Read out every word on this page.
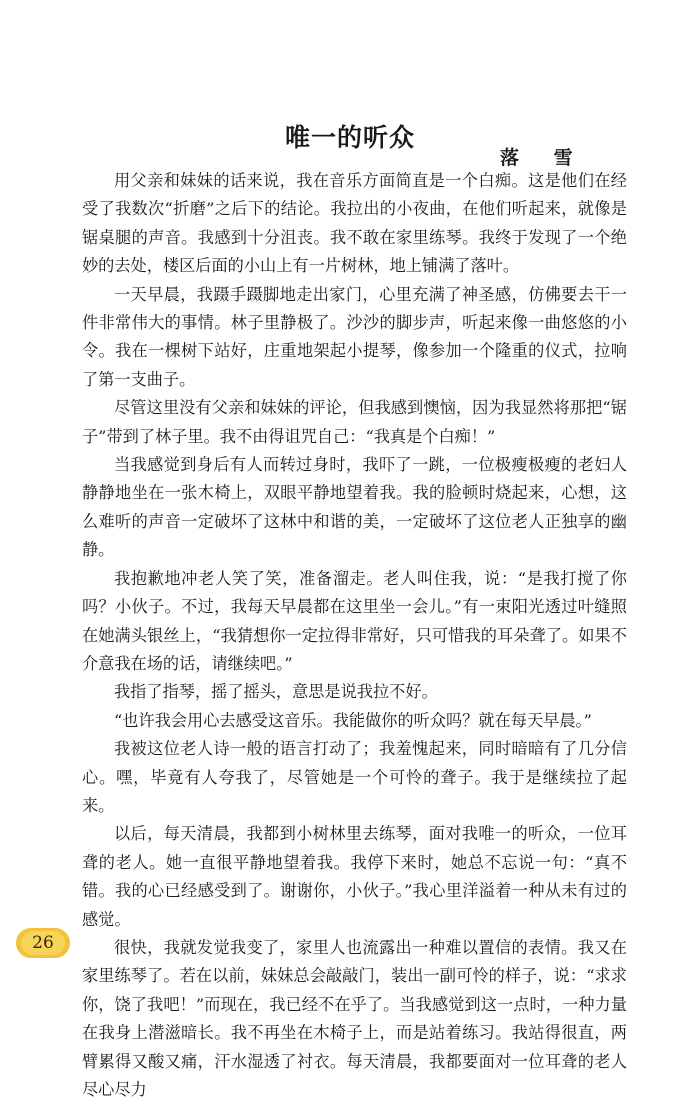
唯一的听众
落 雪

用父亲和妹妹的话来说，我在音乐方面简直是一个白痴。这是他们在经受了我数次“折磨”之后下的结论。我拉出的小夜曲，在他们听起来，就像是锯桌腿的声音。我感到十分沮丧。我不敢在家里练琴。我终于发现了一个绝妙的去处，楼区后面的小山上有一片树林，地上铺满了落叶。

一天早晨，我蹑手蹑脚地走出家门，心里充满了神圣感，仿佛要去干一件非常伟大的事情。林子里静极了。沙沙的脚步声，听起来像一曲悠悠的小令。我在一棵树下站好，庄重地架起小提琴，像参加一个隆重的仪式，拉响了第一支曲子。

尽管这里没有父亲和妹妹的评论，但我感到懊恼，因为我显然将那把“锯子”带到了林子里。我不由得诅咒自己：“我真是个白痴！”

当我感觉到身后有人而转过身时，我吓了一跳，一位极瘦极瘦的老妇人静静地坐在一张木椅上，双眼平静地望着我。我的脸顿时烧起来，心想，这么难听的声音一定破坏了这林中和谐的美，一定破坏了这位老人正独享的幽静。

我抱歉地冲老人笑了笑，准备溜走。老人叫住我，说：“是我打搅了你吗？小伙子。不过，我每天早晨都在这里坐一会儿。”有一束阳光透过叶缝照在她满头银丝上，“我猜想你一定拉得非常好，只可惜我的耳朵聋了。如果不介意我在场的话，请继续吧。”

我指了指琴，摇了摇头，意思是说我拉不好。

“也许我会用心去感受这音乐。我能做你的听众吗？就在每天早晨。”

我被这位老人诗一般的语言打动了；我羞愧起来，同时暗暗有了几分信心。嘿，毕竟有人夸我了，尽管她是一个可怜的聋子。我于是继续拉了起来。

以后，每天清晨，我都到小树林里去练琴，面对我唯一的听众，一位耳聋的老人。她一直很平静地望着我。我停下来时，她总不忘说一句：“真不错。我的心已经感受到了。谢谢你，小伙子。”我心里洋溢着一种从未有过的感觉。

很快，我就发觉我变了，家里人也流露出一种难以置信的表情。我又在家里练琴了。若在以前，妹妹总会敲敲门，装出一副可怜的样子，说：“求求你，饶了我吧！”而现在，我已经不在乎了。当我感觉到这一点时，一种力量在我身上潜滋暗长。我不再坐在木椅子上，而是站着练习。我站得很直，两臂累得又酸又痛，汗水湿透了衬衣。每天清晨，我都要面对一位耳聋的老人尽心尽力

26
